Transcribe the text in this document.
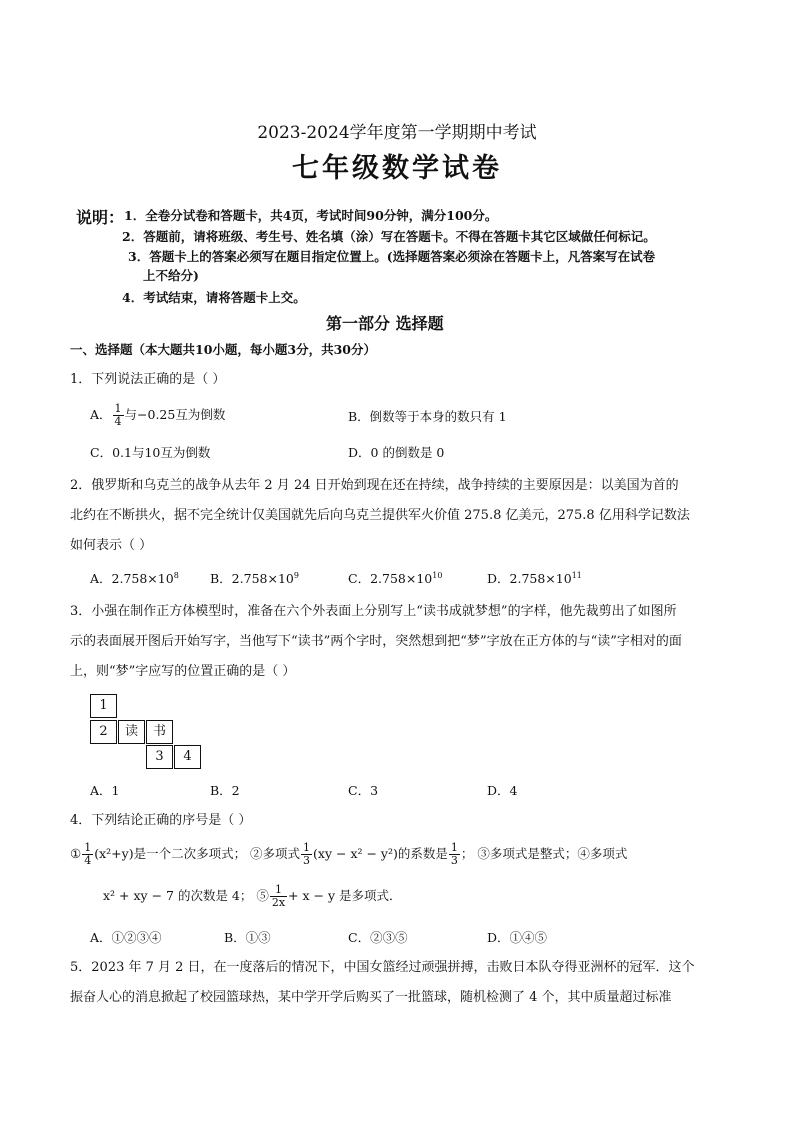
2023-2024学年度第一学期期中考试
七年级数学试卷
说明： 1．全卷分试卷和答题卡，共4页，考试时间90分钟，满分100分。
2．答题前，请将班级、考生号、姓名填（涂）写在答题卡。不得在答题卡其它区域做任何标记。
3．答题卡上的答案必须写在题目指定位置上。(选择题答案必须涂在答题卡上，凡答案写在试卷
上不给分)
4．考试结束，请将答题卡上交。
第一部分 选择题
一、选择题（本大题共10小题，每小题3分，共30分）
1．下列说法正确的是（ ）
A． $\frac{1}{4}$ 与−0.25互为倒数	B．倒数等于本身的数只有 1
C．0.1与10互为倒数	D．0 的倒数是 0
2．俄罗斯和乌克兰的战争从去年 2 月 24 日开始到现在还在持续，战争持续的主要原因是：以美国为首的
北约在不断拱火，据不完全统计仅美国就先后向乌克兰提供军火价值 275.8 亿美元，275.8 亿用科学记数法
如何表示（ ）
A．$2.758\times 10^8$ B．$2.758\times 10^9$	C．$2.758\times 10^{10}$	D．$2.758\times 10^{11}$
3．小强在制作正方体模型时，准备在六个外表面上分别写上“读书成就梦想”的字样，他先裁剪出了如图所
示的表面展开图后开始写字，当他写下“读书”两个字时，突然想到把“梦”字放在正方体的与“读”字相对的面
上，则“梦”字应写的位置正确的是（ ）
1
2	读	书
3	4
A．1	B．2	C．3	D．4
4．下列结论正确的序号是（ ）
① $\frac{1}{4} (x^2+y)$是一个二次多项式； ②多项式 $\frac{1}{3} (xy - x^2 - y^2)$的系数是 $\frac{1}{3}$ ； ③多项式是整式；④多项式
x² + xy − 7 的次数是 4； ⑤ $\frac{1}{2x} + x - y$ 是多项式．
A．①②③④	B．①③	C．②③⑤	D．①④⑤
5．2023 年 7 月 2 日，在一度落后的情况下，中国女篮经过顽强拼搏，击败日本队夺得亚洲杯的冠军．这个
振奋人心的消息掀起了校园篮球热，某中学开学后购买了一批篮球，随机检测了 4 个，其中质量超过标准
